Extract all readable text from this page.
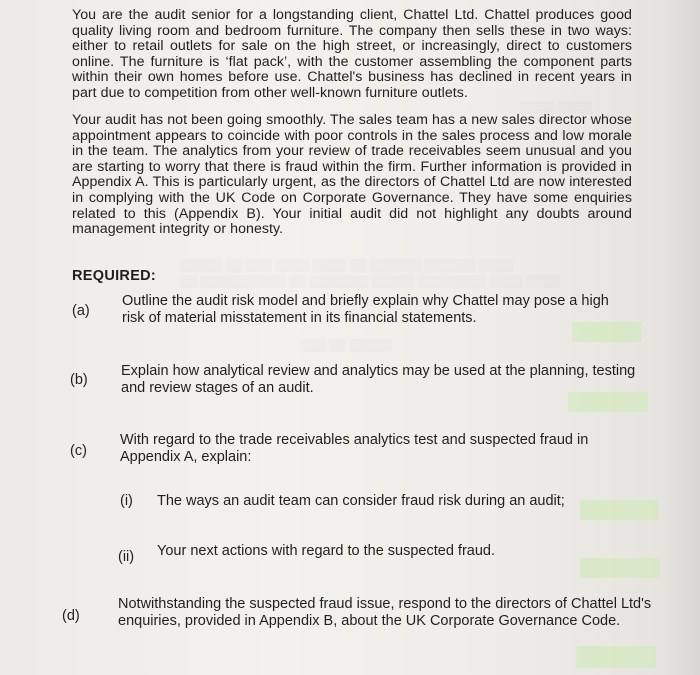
▒▒▒▒ ▒▒▒▒
▒▒▒▒▒ ▒▒ ▒▒▒ ▒▒▒▒ ▒▒▒▒ ▒▒ ▒▒▒▒▒▒ ▒▒▒▒▒▒ ▒▒▒▒
▒▒ ▒▒▒▒▒▒▒▒▒▒ ▒▒ ▒▒▒▒▒▒▒ ▒▒▒▒▒ ▒▒▒▒▒▒▒▒ ▒▒▒▒ ▒▒▒▒
▒▒▒ ▒▒ ▒▒▒▒▒
You are the audit senior for a longstanding client, Chattel Ltd. Chattel produces good quality living room and bedroom furniture. The company then sells these in two ways: either to retail outlets for sale on the high street, or increasingly, direct to customers online. The furniture is ‘flat pack’, with the customer assembling the component parts within their own homes before use. Chattel's business has declined in recent years in part due to competition from other well-known furniture outlets.
Your audit has not been going smoothly. The sales team has a new sales director whose appointment appears to coincide with poor controls in the sales process and low morale in the team. The analytics from your review of trade receivables seem unusual and you are starting to worry that there is fraud within the firm. Further information is provided in Appendix A. This is particularly urgent, as the directors of Chattel Ltd are now interested in complying with the UK Code on Corporate Governance. They have some enquiries related to this (Appendix B). Your initial audit did not highlight any doubts around management integrity or honesty.
REQUIRED:
(a)
Outline the audit risk model and briefly explain why Chattel may pose a high risk of material misstatement in its financial statements.
(b)
Explain how analytical review and analytics may be used at the planning, testing and review stages of an audit.
(c)
With regard to the trade receivables analytics test and suspected fraud in Appendix A, explain:
(i) The ways an audit team can consider fraud risk during an audit;
(ii) Your next actions with regard to the suspected fraud.
(d)
Notwithstanding the suspected fraud issue, respond to the directors of Chattel Ltd's enquiries, provided in Appendix B, about the UK Corporate Governance Code.
